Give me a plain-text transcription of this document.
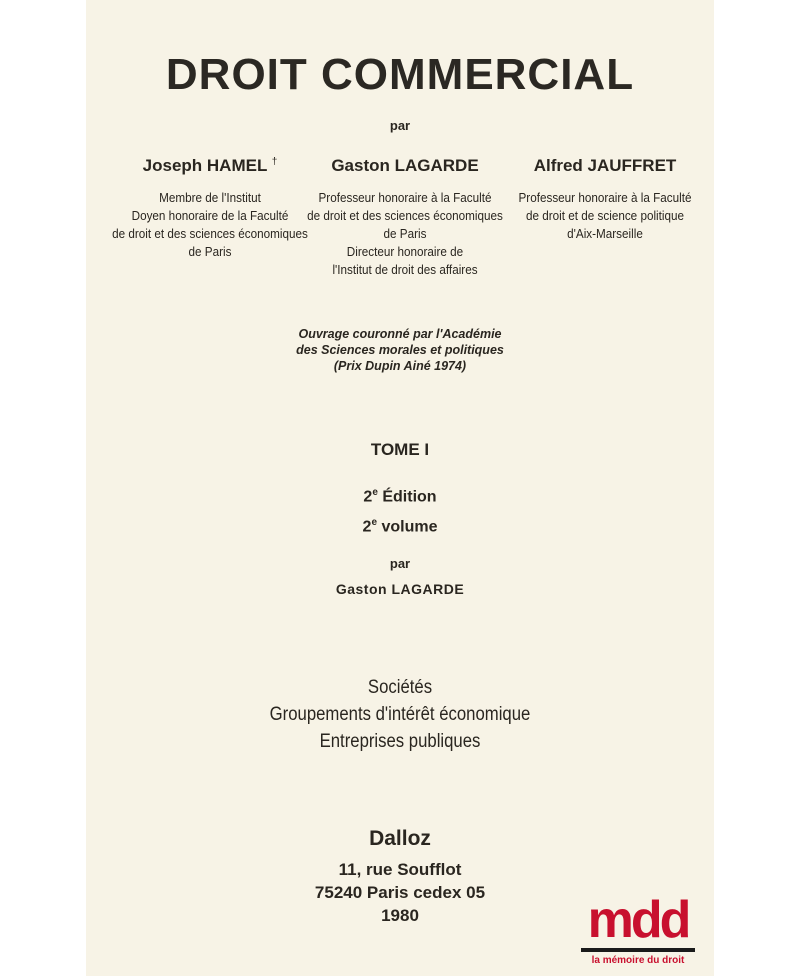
DROIT COMMERCIAL
par
Joseph HAMEL †	Gaston LAGARDE	Alfred JAUFFRET
Membre de l'Institut
Doyen honoraire de la Faculté
de droit et des sciences économiques
de Paris
Professeur honoraire à la Faculté
de droit et des sciences économiques
de Paris
Directeur honoraire de
l'Institut de droit des affaires
Professeur honoraire à la Faculté
de droit et de science politique
d'Aix-Marseille
Ouvrage couronné par l'Académie
des Sciences morales et politiques
(Prix Dupin Ainé 1974)
TOME I
2e Édition
2e volume
par
Gaston LAGARDE
Sociétés
Groupements d'intérêt économique
Entreprises publiques
Dalloz
11, rue Soufflot
75240 Paris cedex 05
1980	mdd
la mémoire du droit
